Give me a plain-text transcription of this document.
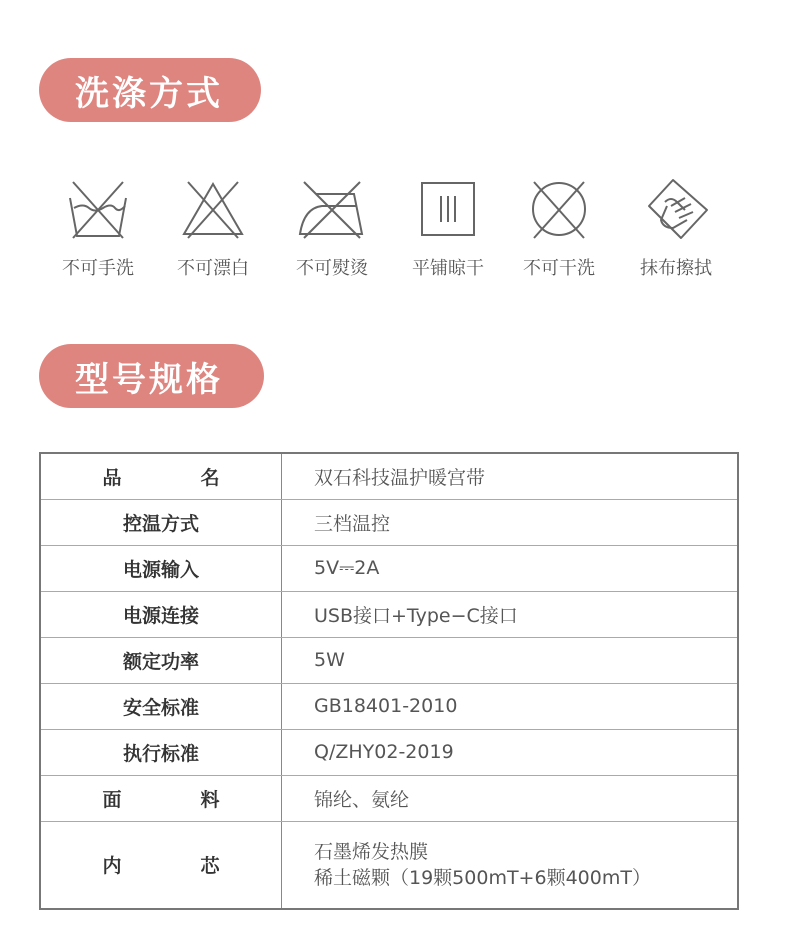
洗涤方式
不可手洗	不可漂白	不可熨烫	平铺晾干	不可干洗	抹布擦拭
型号规格
品　名	双石科技温护暖宫带
控温方式	三档温控
电源输入	5V⎓2A
电源连接	USB接口+Type−C接口
额定功率	5W
安全标准	GB18401-2010
执行标准	Q/ZHY02-2019
面　料	锦纶、氨纶
内　芯	石墨烯发热膜
稀土磁颗（19颗500mT+6颗400mT）
